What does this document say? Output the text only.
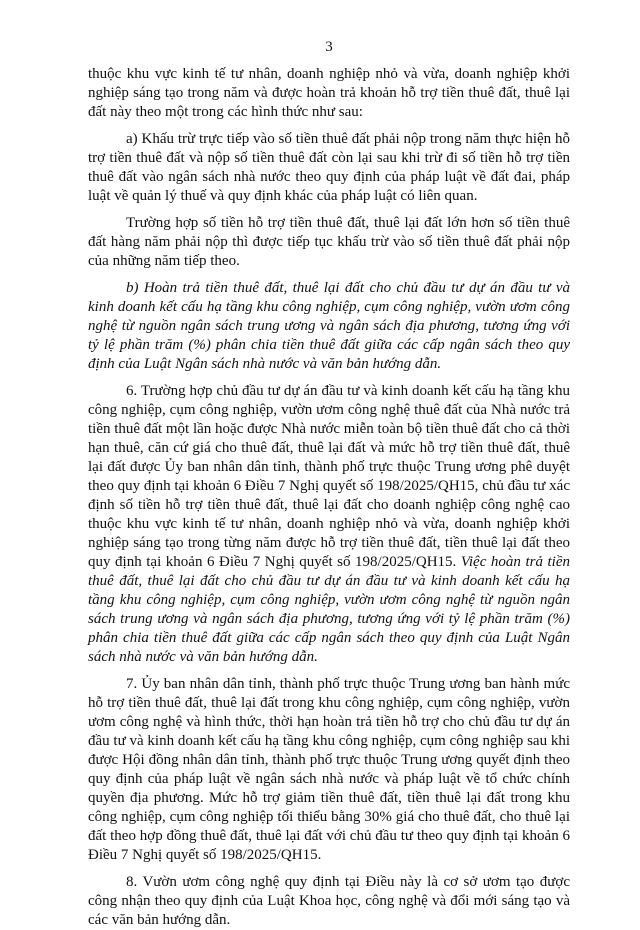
3

thuộc khu vực kinh tế tư nhân, doanh nghiệp nhỏ và vừa, doanh nghiệp khởi nghiệp sáng tạo trong năm và được hoàn trả khoản hỗ trợ tiền thuê đất, thuê lại đất này theo một trong các hình thức như sau:

a) Khấu trừ trực tiếp vào số tiền thuê đất phải nộp trong năm thực hiện hỗ trợ tiền thuê đất và nộp số tiền thuê đất còn lại sau khi trừ đi số tiền hỗ trợ tiền thuê đất vào ngân sách nhà nước theo quy định của pháp luật về đất đai, pháp luật về quản lý thuế và quy định khác của pháp luật có liên quan.

Trường hợp số tiền hỗ trợ tiền thuê đất, thuê lại đất lớn hơn số tiền thuê đất hàng năm phải nộp thì được tiếp tục khấu trừ vào số tiền thuê đất phải nộp của những năm tiếp theo.

b) Hoàn trả tiền thuê đất, thuê lại đất cho chủ đầu tư dự án đầu tư và kinh doanh kết cấu hạ tầng khu công nghiệp, cụm công nghiệp, vườn ươm công nghệ từ nguồn ngân sách trung ương và ngân sách địa phương, tương ứng với tỷ lệ phần trăm (%) phân chia tiền thuê đất giữa các cấp ngân sách theo quy định của Luật Ngân sách nhà nước và văn bản hướng dẫn.

6. Trường hợp chủ đầu tư dự án đầu tư và kinh doanh kết cấu hạ tầng khu công nghiệp, cụm công nghiệp, vườn ươm công nghệ thuê đất của Nhà nước trả tiền thuê đất một lần hoặc được Nhà nước miễn toàn bộ tiền thuê đất cho cả thời hạn thuê, căn cứ giá cho thuê đất, thuê lại đất và mức hỗ trợ tiền thuê đất, thuê lại đất được Ủy ban nhân dân tỉnh, thành phố trực thuộc Trung ương phê duyệt theo quy định tại khoản 6 Điều 7 Nghị quyết số 198/2025/QH15, chủ đầu tư xác định số tiền hỗ trợ tiền thuê đất, thuê lại đất cho doanh nghiệp công nghệ cao thuộc khu vực kinh tế tư nhân, doanh nghiệp nhỏ và vừa, doanh nghiệp khởi nghiệp sáng tạo trong từng năm được hỗ trợ tiền thuê đất, tiền thuê lại đất theo quy định tại khoản 6 Điều 7 Nghị quyết số 198/2025/QH15. Việc hoàn trả tiền thuê đất, thuê lại đất cho chủ đầu tư dự án đầu tư và kinh doanh kết cấu hạ tầng khu công nghiệp, cụm công nghiệp, vườn ươm công nghệ từ nguồn ngân sách trung ương và ngân sách địa phương, tương ứng với tỷ lệ phần trăm (%) phân chia tiền thuê đất giữa các cấp ngân sách theo quy định của Luật Ngân sách nhà nước và văn bản hướng dẫn.

7. Ủy ban nhân dân tỉnh, thành phố trực thuộc Trung ương ban hành mức hỗ trợ tiền thuê đất, thuê lại đất trong khu công nghiệp, cụm công nghiệp, vườn ươm công nghệ và hình thức, thời hạn hoàn trả tiền hỗ trợ cho chủ đầu tư dự án đầu tư và kinh doanh kết cấu hạ tầng khu công nghiệp, cụm công nghiệp sau khi được Hội đồng nhân dân tỉnh, thành phố trực thuộc Trung ương quyết định theo quy định của pháp luật về ngân sách nhà nước và pháp luật về tổ chức chính quyền địa phương. Mức hỗ trợ giảm tiền thuê đất, tiền thuê lại đất trong khu công nghiệp, cụm công nghiệp tối thiểu bằng 30% giá cho thuê đất, cho thuê lại đất theo hợp đồng thuê đất, thuê lại đất với chủ đầu tư theo quy định tại khoản 6 Điều 7 Nghị quyết số 198/2025/QH15.

8. Vườn ươm công nghệ quy định tại Điều này là cơ sở ươm tạo được công nhận theo quy định của Luật Khoa học, công nghệ và đổi mới sáng tạo và các văn bản hướng dẫn.
